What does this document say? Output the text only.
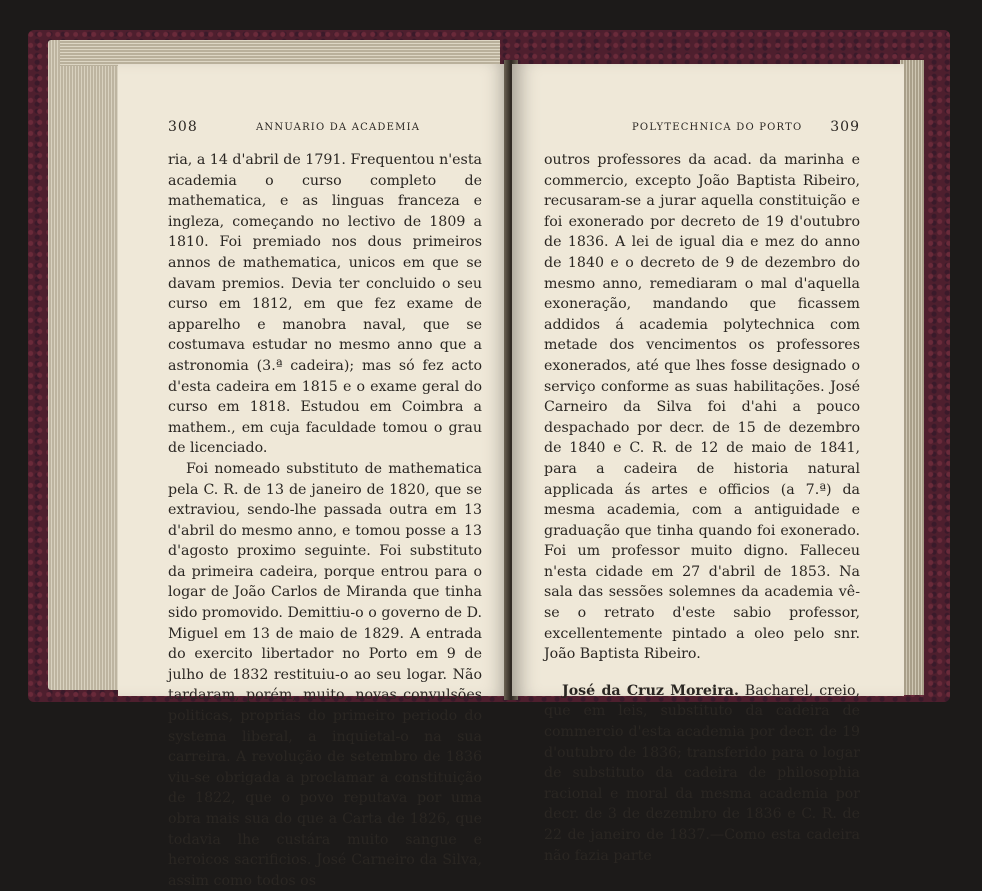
308	ANNUARIO DA ACADEMIA

ria, a 14 d'abril de 1791. Frequentou n'esta academia o curso completo de mathematica, e as linguas franceza e ingleza, começando no lectivo de 1809 a 1810. Foi premiado nos dous primeiros annos de mathematica, unicos em que se davam premios. Devia ter concluido o seu curso em 1812, em que fez exame de apparelho e manobra naval, que se costumava estudar no mesmo anno que a astronomia (3.ª cadeira); mas só fez acto d'esta cadeira em 1815 e o exame geral do curso em 1818. Estudou em Coimbra a mathem., em cuja faculdade tomou o grau de licenciado.

Foi nomeado substituto de mathematica pela C. R. de 13 de janeiro de 1820, que se extraviou, sendo-lhe passada outra em 13 d'abril do mesmo anno, e tomou posse a 13 d'agosto proximo seguinte. Foi substituto da primeira cadeira, porque entrou para o logar de João Carlos de Miranda que tinha sido promovido. Demittiu-o o governo de D. Miguel em 13 de maio de 1829. A entrada do exercito libertador no Porto em 9 de julho de 1832 restituiu-o ao seu logar. Não tardaram, porém, muito, novas convulsões politicas, proprias do primeiro periodo do systema liberal, a inquietal-o na sua carreira. A revolução de setembro de 1836 viu-se obrigada a proclamar a constituição de 1822, que o povo reputava por uma obra mais sua do que a Carta de 1826, que todavia lhe custára muito sangue e heroicos sacrificios. José Carneiro da Silva, assim como todos os

POLYTECHNICA DO PORTO 309

outros professores da acad. da marinha e commercio, excepto João Baptista Ribeiro, recusaram-se a jurar aquella constituição e foi exonerado por decreto de 19 d'outubro de 1836. A lei de igual dia e mez do anno de 1840 e o decreto de 9 de dezembro do mesmo anno, remediaram o mal d'aquella exoneração, mandando que ficassem addidos á academia polytechnica com metade dos vencimentos os professores exonerados, até que lhes fosse designado o serviço conforme as suas habilitações. José Carneiro da Silva foi d'ahi a pouco despachado por decr. de 15 de dezembro de 1840 e C. R. de 12 de maio de 1841, para a cadeira de historia natural applicada ás artes e officios (a 7.ª) da mesma academia, com a antiguidade e graduação que tinha quando foi exonerado. Foi um professor muito digno. Falleceu n'esta cidade em 27 d'abril de 1853. Na sala das sessões solemnes da academia vê-se o retrato d'este sabio professor, excellentemente pintado a oleo pelo snr. João Baptista Ribeiro.

José da Cruz Moreira. Bacharel, creio, que em leis, substituto da cadeira de commercio d'esta academia por decr. de 19 d'outubro de 1836; transferido para o logar de substituto da cadeira de philosophia racional e moral da mesma academia por decr. de 3 de dezembro de 1836 e C. R. de 22 de janeiro de 1837.—Como esta cadeira não fazia parte
